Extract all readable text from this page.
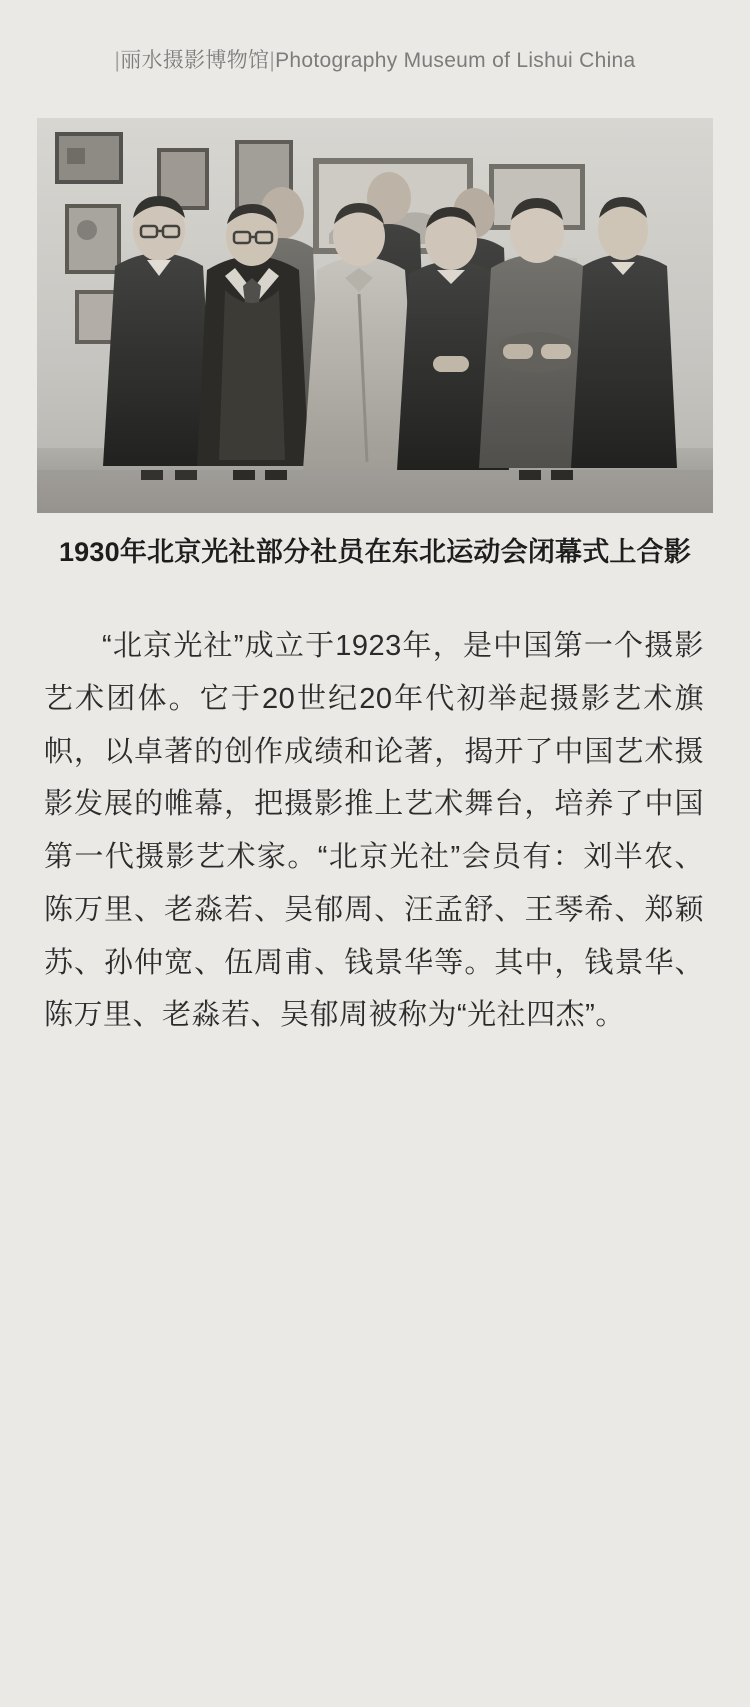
|丽水摄影博物馆|Photography Museum of Lishui China
1930年北京光社部分社员在东北运动会闭幕式上合影
“北京光社”成立于1923年，是中国第一个摄影艺术团体。它于20世纪20年代初举起摄影艺术旗帜，以卓著的创作成绩和论著，揭开了中国艺术摄影发展的帷幕，把摄影推上艺术舞台，培养了中国第一代摄影艺术家。“北京光社”会员有：刘半农、陈万里、老淼若、吴郁周、汪孟舒、王琴希、郑颖苏、孙仲宽、伍周甫、钱景华等。其中，钱景华、陈万里、老淼若、吴郁周被称为“光社四杰”。
